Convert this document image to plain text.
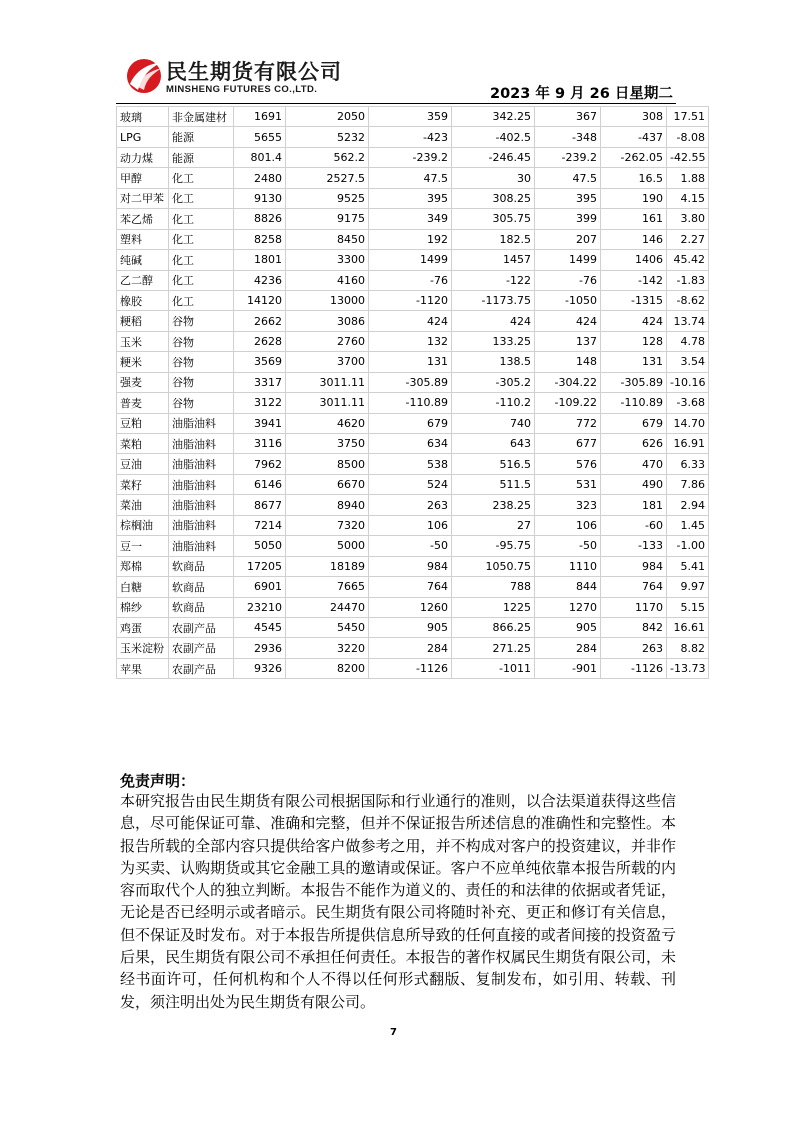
民生期货有限公司
MINSHENG FUTURES CO.,LTD.	2023 年 9 月 26 日星期二
玻璃	非金属建材	1691	2050	359	342.25	367	308	17.51
LPG	能源	5655	5232	-423	-402.5	-348	-437	-8.08
动力煤	能源	801.4	562.2	-239.2	-246.45	-239.2	-262.05	-42.55
甲醇	化工	2480	2527.5	47.5	30	47.5	16.5	1.88
对二甲苯	化工	9130	9525	395	308.25	395	190	4.15
苯乙烯	化工	8826	9175	349	305.75	399	161	3.80
塑料	化工	8258	8450	192	182.5	207	146	2.27
纯碱	化工	1801	3300	1499	1457	1499	1406	45.42
乙二醇	化工	4236	4160	-76	-122	-76	-142	-1.83
橡胶	化工	14120	13000	-1120	-1173.75	-1050	-1315	-8.62
粳稻	谷物	2662	3086	424	424	424	424	13.74
玉米	谷物	2628	2760	132	133.25	137	128	4.78
粳米	谷物	3569	3700	131	138.5	148	131	3.54
强麦	谷物	3317	3011.11	-305.89	-305.2	-304.22	-305.89	-10.16
普麦	谷物	3122	3011.11	-110.89	-110.2	-109.22	-110.89	-3.68
豆粕	油脂油料	3941	4620	679	740	772	679	14.70
菜粕	油脂油料	3116	3750	634	643	677	626	16.91
豆油	油脂油料	7962	8500	538	516.5	576	470	6.33
菜籽	油脂油料	6146	6670	524	511.5	531	490	7.86
菜油	油脂油料	8677	8940	263	238.25	323	181	2.94
棕榈油	油脂油料	7214	7320	106	27	106	-60	1.45
豆一	油脂油料	5050	5000	-50	-95.75	-50	-133	-1.00
郑棉	软商品	17205	18189	984	1050.75	1110	984	5.41
白糖	软商品	6901	7665	764	788	844	764	9.97
棉纱	软商品	23210	24470	1260	1225	1270	1170	5.15
鸡蛋	农副产品	4545	5450	905	866.25	905	842	16.61
玉米淀粉	农副产品	2936	3220	284	271.25	284	263	8.82
苹果	农副产品	9326	8200	-1126	-1011	-901	-1126	-13.73
免责声明：
本研究报告由民生期货有限公司根据国际和行业通行的准则，以合法渠道获得这些信息，尽可能保证可靠、准确和完整，但并不保证报告所述信息的准确性和完整性。本报告所载的全部内容只提供给客户做参考之用，并不构成对客户的投资建议，并非作为买卖、认购期货或其它金融工具的邀请或保证。客户不应单纯依靠本报告所载的内容而取代个人的独立判断。本报告不能作为道义的、责任的和法律的依据或者凭证，无论是否已经明示或者暗示。民生期货有限公司将随时补充、更正和修订有关信息，但不保证及时发布。对于本报告所提供信息所导致的任何直接的或者间接的投资盈亏后果，民生期货有限公司不承担任何责任。本报告的著作权属民生期货有限公司，未经书面许可，任何机构和个人不得以任何形式翻版、复制发布，如引用、转载、刊发，须注明出处为民生期货有限公司。
7
